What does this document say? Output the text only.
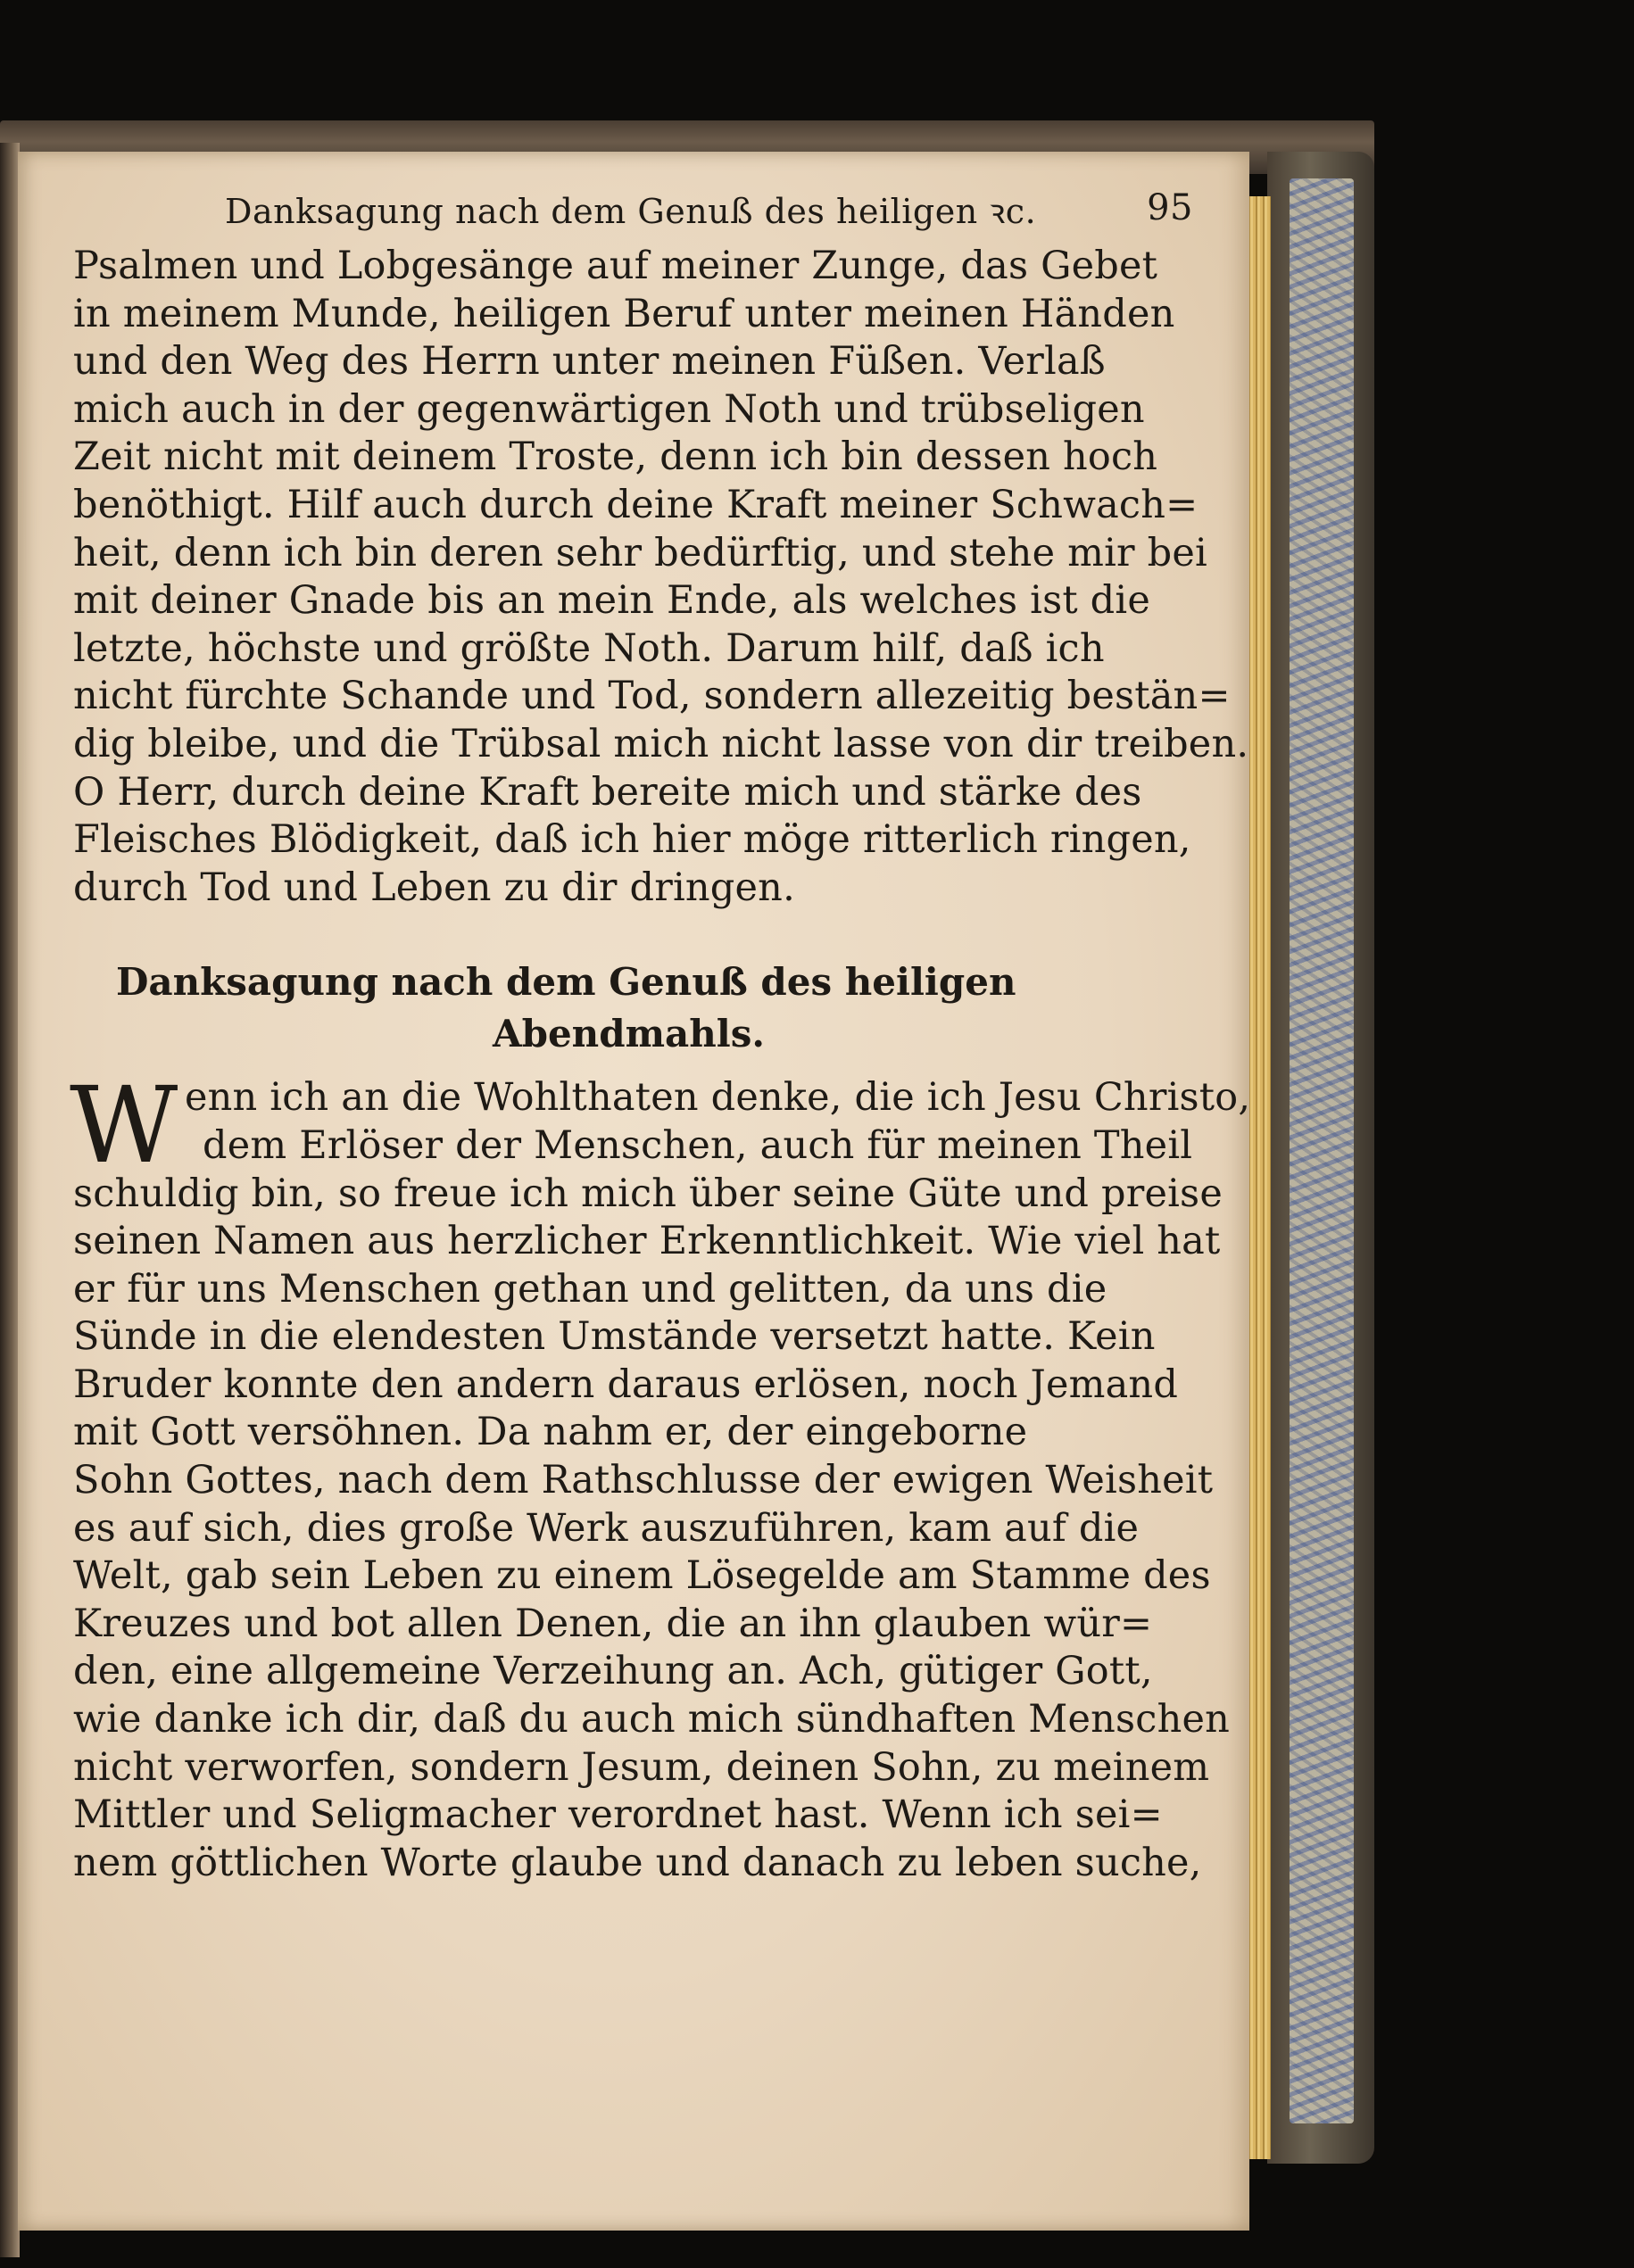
Danksagung nach dem Genuß des heiligen ꝛc.	95
Psalmen und Lobgesänge auf meiner Zunge, das Gebet
in meinem Munde, heiligen Beruf unter meinen Händen
und den Weg des Herrn unter meinen Füßen. Verlaß
mich auch in der gegenwärtigen Noth und trübseligen
Zeit nicht mit deinem Troste, denn ich bin dessen hoch
benöthigt. Hilf auch durch deine Kraft meiner Schwach=
heit, denn ich bin deren sehr bedürftig, und stehe mir bei
mit deiner Gnade bis an mein Ende, als welches ist die
letzte, höchste und größte Noth. Darum hilf, daß ich
nicht fürchte Schande und Tod, sondern allezeitig bestän=
dig bleibe, und die Trübsal mich nicht lasse von dir treiben.
O Herr, durch deine Kraft bereite mich und stärke des
Fleisches Blödigkeit, daß ich hier möge ritterlich ringen,
durch Tod und Leben zu dir dringen.
Danksagung nach dem Genuß des heiligen
Abendmahls.
W enn ich an die Wohlthaten denke, die ich Jesu Christo,
dem Erlöser der Menschen, auch für meinen Theil
schuldig bin, so freue ich mich über seine Güte und preise
seinen Namen aus herzlicher Erkenntlichkeit. Wie viel hat
er für uns Menschen gethan und gelitten, da uns die
Sünde in die elendesten Umstände versetzt hatte. Kein
Bruder konnte den andern daraus erlösen, noch Jemand
mit Gott versöhnen. Da nahm er, der eingeborne
Sohn Gottes, nach dem Rathschlusse der ewigen Weisheit
es auf sich, dies große Werk auszuführen, kam auf die
Welt, gab sein Leben zu einem Lösegelde am Stamme des
Kreuzes und bot allen Denen, die an ihn glauben wür=
den, eine allgemeine Verzeihung an. Ach, gütiger Gott,
wie danke ich dir, daß du auch mich sündhaften Menschen
nicht verworfen, sondern Jesum, deinen Sohn, zu meinem
Mittler und Seligmacher verordnet hast. Wenn ich sei=
nem göttlichen Worte glaube und danach zu leben suche,
